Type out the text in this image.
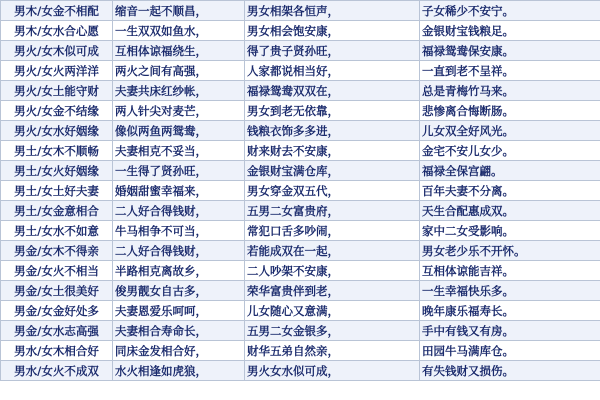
男木/女金不相配	缩音一起不顺昌，	男女相架各恒声，	子女稀少不安宁。
男木/女水合心愿	一生双双如鱼水，	男女相会饱安康，	金银财宝钱粮足。
男火/女木似可成	互相体谅福绕生，	得了贵子贤孙旺，	福禄鸳鸯保安康。
男火/女火两洋洋	两火之间有高强，	人家都说相当好，	一直到老不呈祥。
男火/女土能守财	夫妻共床红纱帐，	福禄鸳鸯双双在，	总是青梅竹马来。
男火/女金不结缘	两人针尖对麦芒，	男女到老无依靠，	悲惨离合悔断肠。
男火/女水好姻缘	像似两鱼两鸳鸯，	钱粮衣饰多多进，	儿女双全好风光。
男土/女木不顺畅	夫妻相克不妥当，	财来财去不安康，	金宅不安儿女少。
男土/女火好姻缘	一生得了贤孙旺，	金银财宝满仓库，	福禄全保宫翩。
男土/女土好夫妻	婚姻甜蜜幸福来，	男女穿金双五代，	百年夫妻不分离。
男土/女金意相合	二人好合得钱财，	五男二女富贵府，	天生合配惠成双。
男土/女水不如意	牛马相争不可当，	常犯口舌多吵闹，	家中二女受影响。
男金/女木不得亲	二人好合得钱财，	若能成双在一起，	男女老少乐不开怀。
男金/女火不相当	半路相克离故乡，	二人吵架不安康，	互相体谅能吉祥。
男金/女土很美好	俊男靓女自古多，	荣华富贵伴到老，	一生幸福快乐多。
男金/女金好处多	夫妻恩爱乐呵呵，	儿女随心又意满，	晚年康乐福寿长。
男金/女水志高强	夫妻相合寿命长，	五男二女金银多，	手中有钱又有房。
男水/女木相合好	同床金发相合好，	财华五弟自然亲，	田园牛马满库仓。
男水/女火不成双	水火相逢如虎狼，	男火女水似可成，	有失钱财又损伤。
